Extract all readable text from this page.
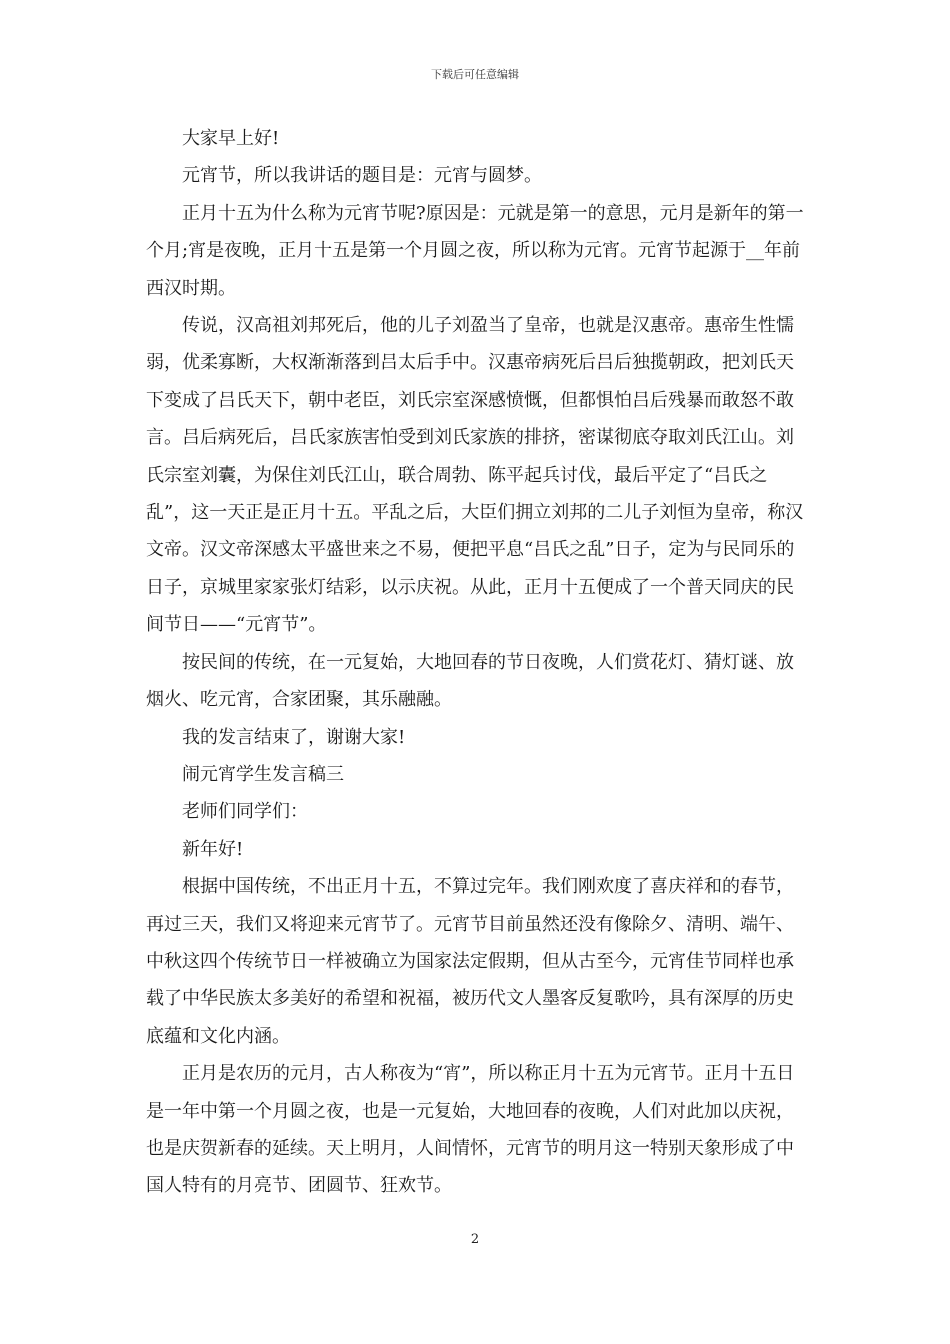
下载后可任意编辑

大家早上好!

元宵节，所以我讲话的题目是：元宵与圆梦。

正月十五为什么称为元宵节呢?原因是：元就是第一的意思，元月是新年的第一个月;宵是夜晚，正月十五是第一个月圆之夜，所以称为元宵。元宵节起源于__年前西汉时期。

传说，汉高祖刘邦死后，他的儿子刘盈当了皇帝，也就是汉惠帝。惠帝生性懦弱，优柔寡断，大权渐渐落到吕太后手中。汉惠帝病死后吕后独揽朝政，把刘氏天下变成了吕氏天下，朝中老臣，刘氏宗室深感愤慨，但都惧怕吕后残暴而敢怒不敢言。吕后病死后，吕氏家族害怕受到刘氏家族的排挤，密谋彻底夺取刘氏江山。刘氏宗室刘囊，为保住刘氏江山，联合周勃、陈平起兵讨伐，最后平定了“吕氏之乱”，这一天正是正月十五。平乱之后，大臣们拥立刘邦的二儿子刘恒为皇帝，称汉文帝。汉文帝深感太平盛世来之不易，便把平息“吕氏之乱”日子，定为与民同乐的日子，京城里家家张灯结彩，以示庆祝。从此，正月十五便成了一个普天同庆的民间节日——“元宵节”。

按民间的传统，在一元复始，大地回春的节日夜晚，人们赏花灯、猜灯谜、放烟火、吃元宵，合家团聚，其乐融融。

我的发言结束了，谢谢大家!

闹元宵学生发言稿三

老师们同学们：

新年好!

根据中国传统，不出正月十五，不算过完年。我们刚欢度了喜庆祥和的春节，再过三天，我们又将迎来元宵节了。元宵节目前虽然还没有像除夕、清明、端午、中秋这四个传统节日一样被确立为国家法定假期，但从古至今，元宵佳节同样也承载了中华民族太多美好的希望和祝福，被历代文人墨客反复歌吟，具有深厚的历史底蕴和文化内涵。

正月是农历的元月，古人称夜为“宵”，所以称正月十五为元宵节。正月十五日是一年中第一个月圆之夜，也是一元复始，大地回春的夜晚，人们对此加以庆祝，也是庆贺新春的延续。天上明月，人间情怀，元宵节的明月这一特别天象形成了中国人特有的月亮节、团圆节、狂欢节。

2
